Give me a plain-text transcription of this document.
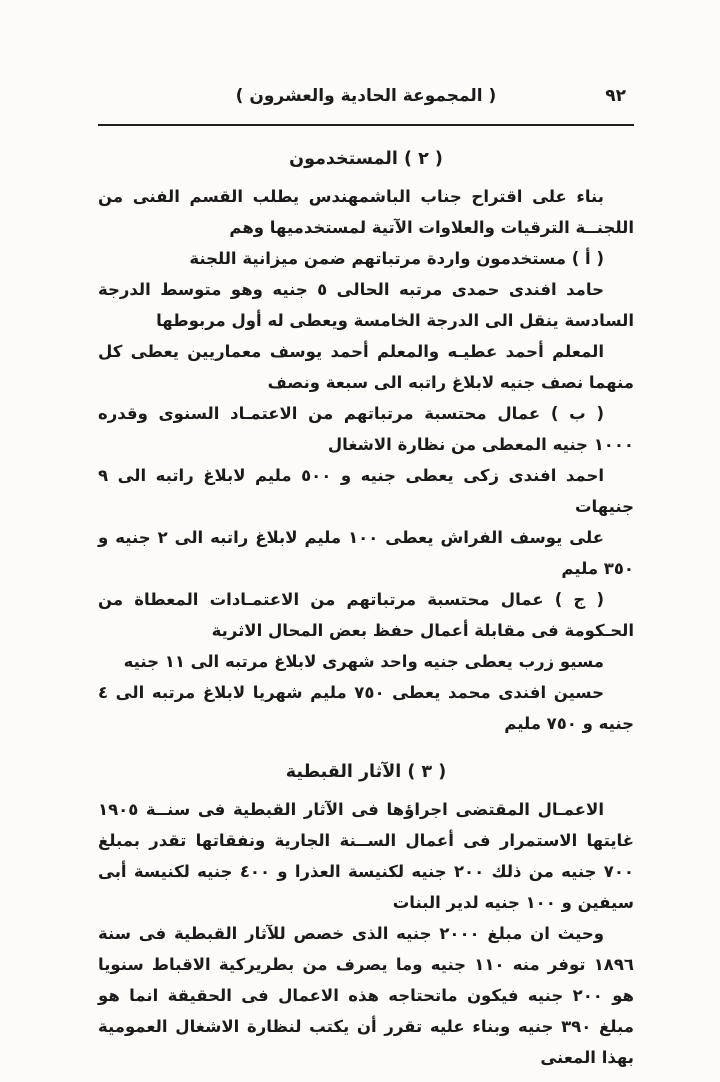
( المجموعة الحادية والعشرون )	٩٢
( ٢ ) المستخدمون
بناء على اقتراح جناب الباشمهندس يطلب القسم الفنى من اللجنــة الترقيات والعلاوات الآتية لمستخدميها وهم
( أ ) مستخدمون واردة مرتباتهم ضمن ميزانية اللجنة
حامد افندى حمدى مرتبه الحالى ٥ جنيه وهو متوسط الدرجة السادسة ينقل الى الدرجة الخامسة ويعطى له أول مربوطها
المعلم أحمد عطيـه والمعلم أحمد يوسف معماريين يعطى كل منهما نصف جنيه لابلاغ راتبه الى سبعة ونصف
( ب ) عمال محتسبة مرتباتهم من الاعتمـاد السنوى وقدره ١٠٠٠ جنيه المعطى من نظارة الاشغال
احمد افندى زكى يعطى جنيه و ٥٠٠ مليم لابلاغ راتبه الى ٩ جنيهات
على يوسف الفراش يعطى ١٠٠ مليم لابلاغ راتبه الى ٢ جنيه و ٣٥٠ مليم
( ج ) عمال محتسبة مرتباتهم من الاعتمـادات المعطاة من الحـكومة فى مقابلة أعمال حفظ بعض المحال الاثرية
مسيو زرب يعطى جنيه واحد شهرى لابلاغ مرتبه الى ١١ جنيه
حسين افندى محمد يعطى ٧٥٠ مليم شهريا لابلاغ مرتبه الى ٤ جنيه و ٧٥٠ مليم
( ٣ ) الآثار القبطية
الاعمـال المقتضى اجراؤها فى الآثار القبطية فى سنــة ١٩٠٥ غايتها الاستمرار فى أعمال الســنة الجارية ونفقاتها تقدر بمبلغ ٧٠٠ جنيه من ذلك ٢٠٠ جنيه لكنيسة العذرا و ٤٠٠ جنيه لكنيسة أبى سيفين و ١٠٠ جنيه لدير البنات
وحيث ان مبلغ ٢٠٠٠ جنيه الذى خصص للآثار القبطية فى سنة ١٨٩٦ توفر منه ١١٠ جنيه وما يصرف من بطريركية الاقباط سنويا هو ٢٠٠ جنيه فيكون ماتحتاجه هذه الاعمال فى الحقيقة انما هو مبلغ ٣٩٠ جنيه وبناء عليه تقرر أن يكتب لنظارة الاشغال العمومية بهذا المعنى
